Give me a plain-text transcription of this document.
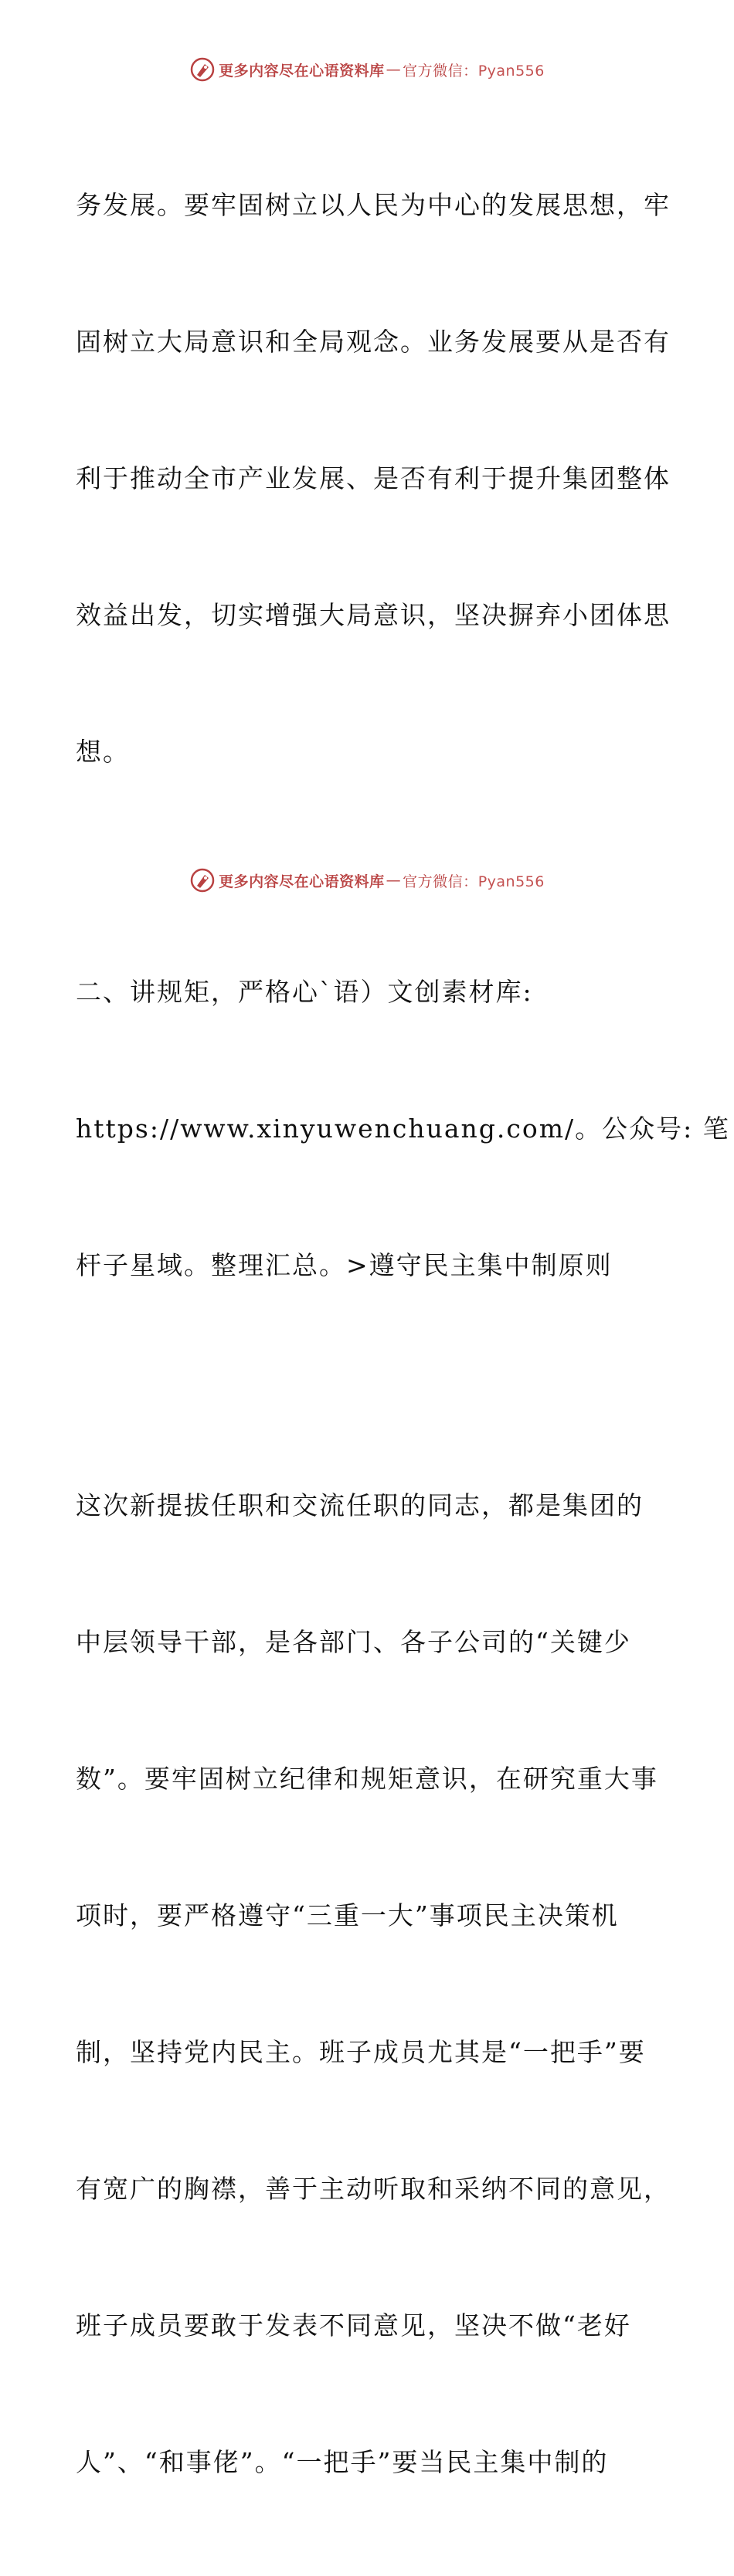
更多内容尽在心语资料库 — 官方微信：Pyan556

务发展。要牢固树立以人民为中心的发展思想，牢

固树立大局意识和全局观念。业务发展要从是否有

利于推动全市产业发展、是否有利于提升集团整体

效益出发，切实增强大局意识，坚决摒弃小团体思

想。

二、讲规矩，严格心`语）文创素材库:

https://www.xinyuwenchuang.com/。公众号: 笔

杆子星域。整理汇总。>遵守民主集中制原则

这次新提拔任职和交流任职的同志，都是集团的

中层领导干部，是各部门、各子公司的“关键少

数”。要牢固树立纪律和规矩意识，在研究重大事

项时，要严格遵守“三重一大”事项民主决策机

制，坚持党内民主。班子成员尤其是“一把手”要

有宽广的胸襟，善于主动听取和采纳不同的意见，

班子成员要敢于发表不同意见，坚决不做“老好

人”、“和事佬”。“一把手”要当民主集中制的

更多内容尽在心语资料库 — 官方微信：Pyan556
